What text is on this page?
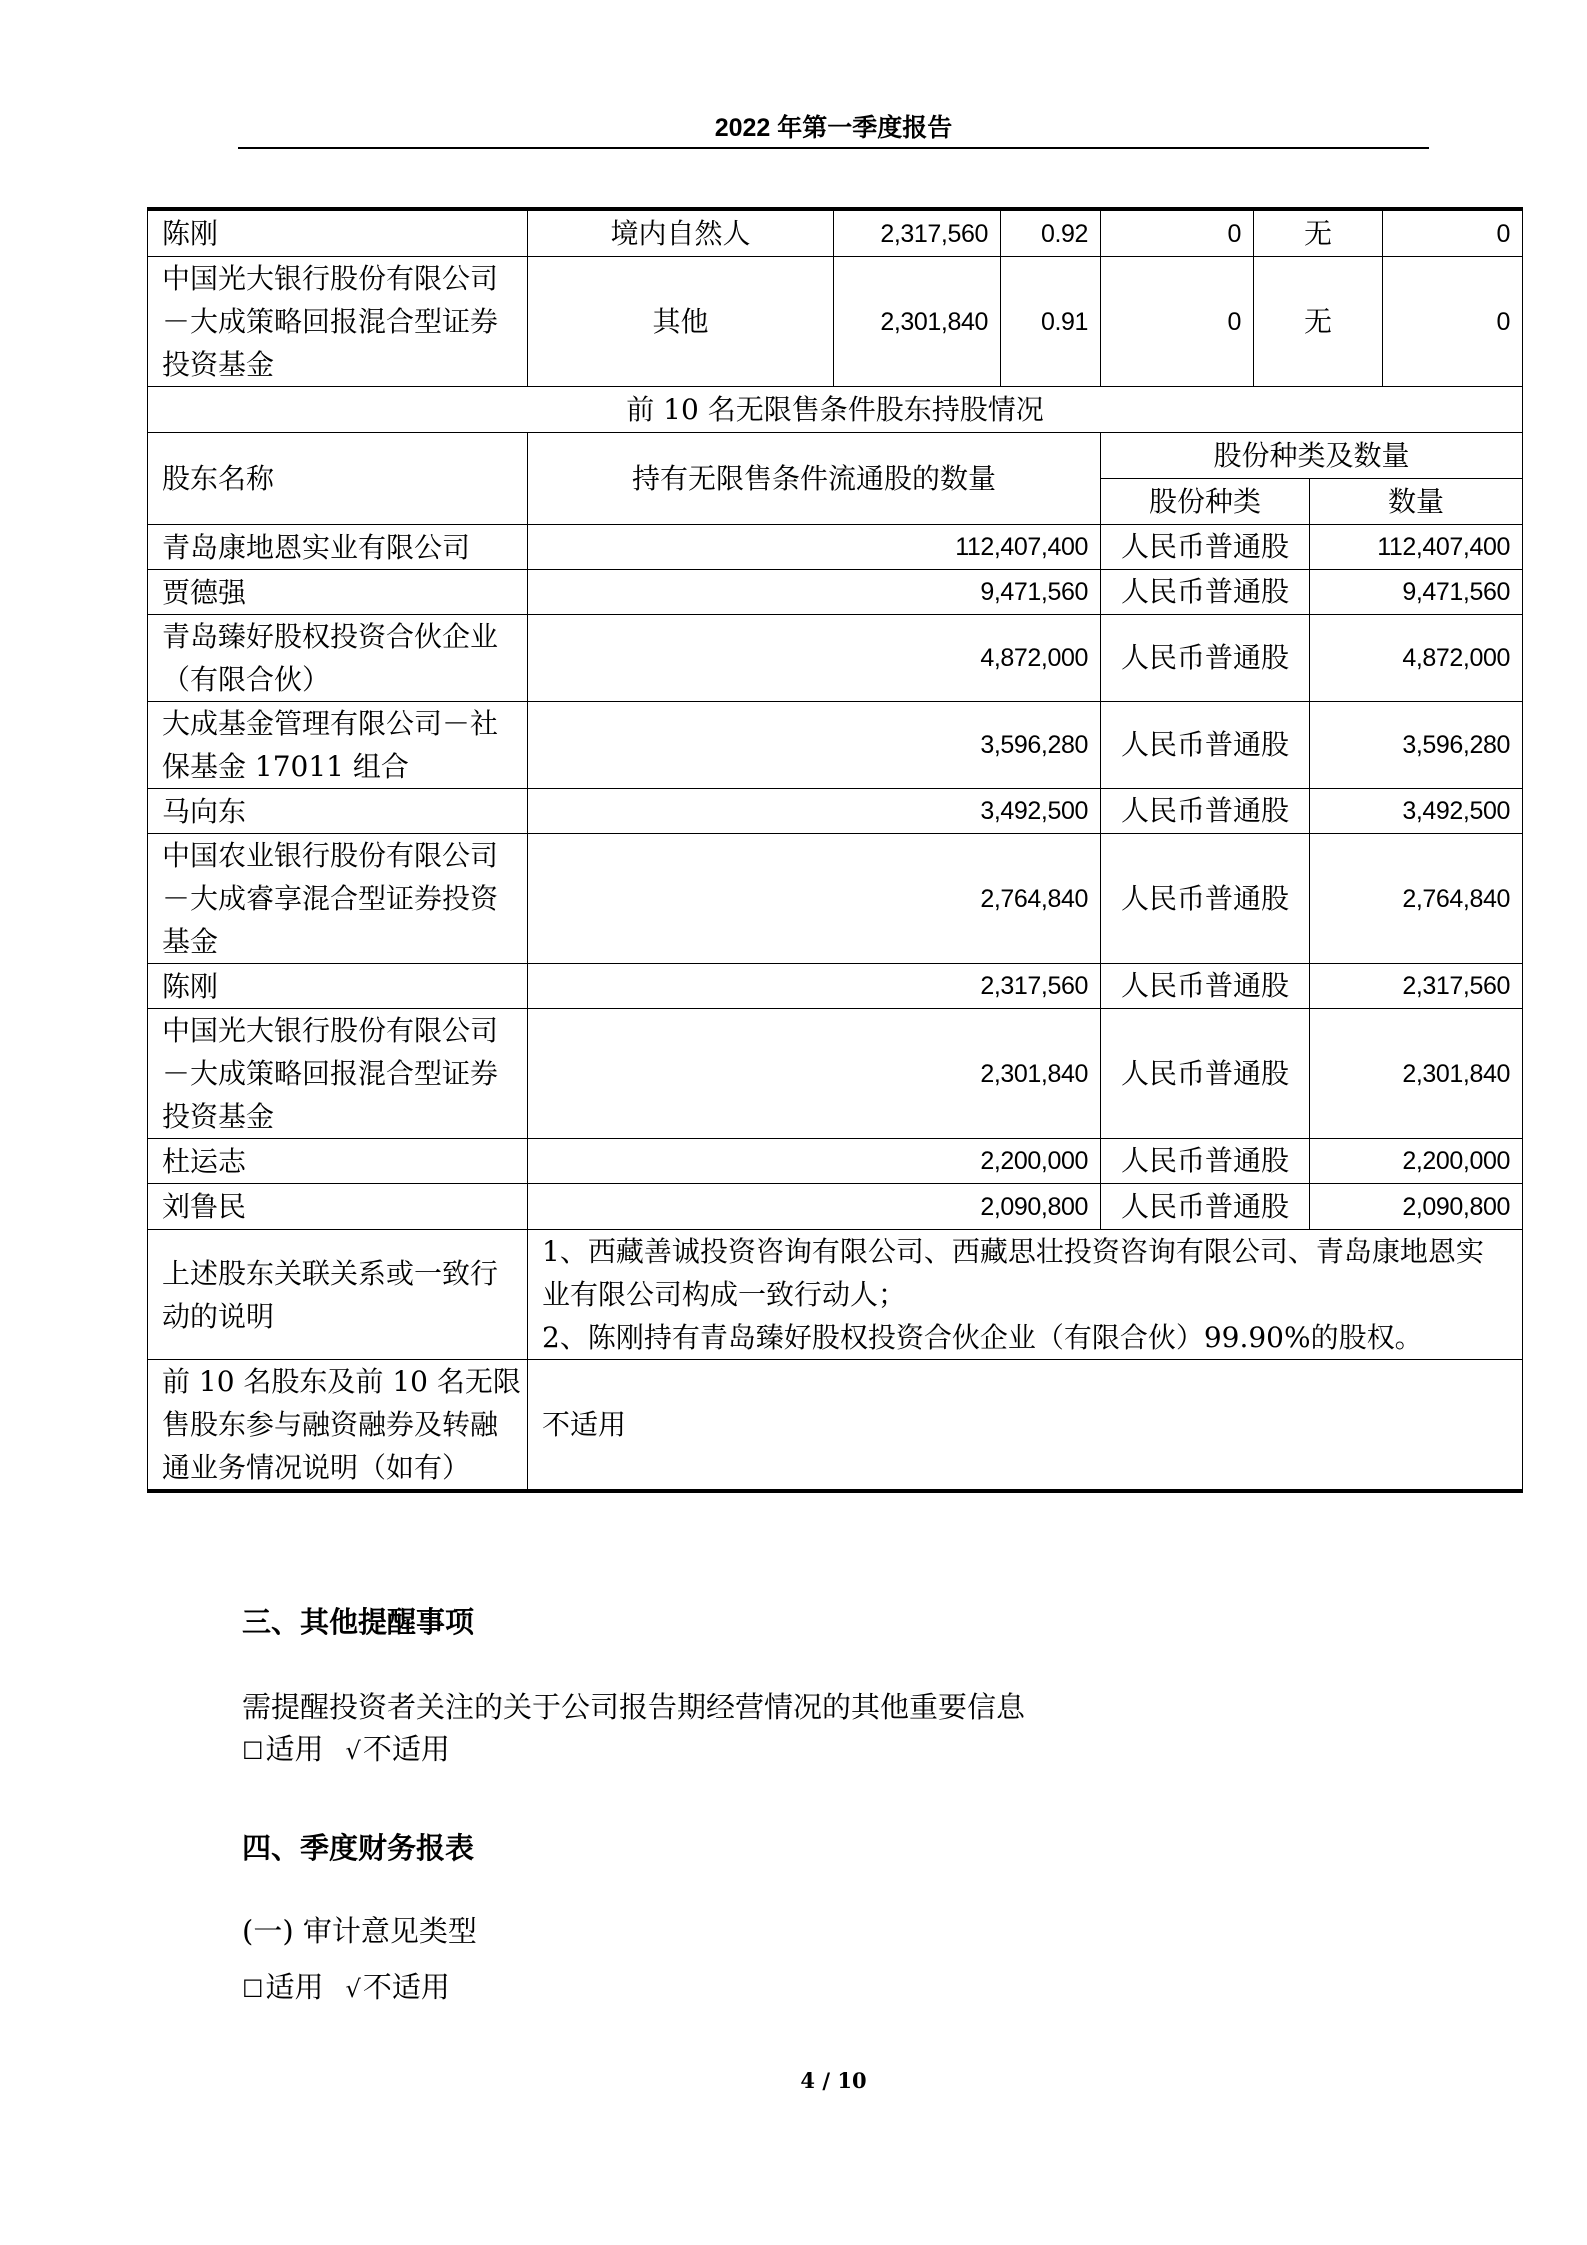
2022 年第一季度报告
陈刚	境内自然人	2,317,560	0.92	0	无	0

中国光大银行股份有限公司
－大成策略回报混合型证券
投资基金	其他	2,301,840	0.91	0	无	0
前 10 名无限售条件股东持股情况			
股东名称	持有无限售条件流通股的数量	股份种类及数量	
		股份种类	数量

青岛康地恩实业有限公司	112,407,400	人民币普通股	112,407,400

贾德强	9,471,560	人民币普通股	9,471,560

青岛臻好股权投资合伙企业
（有限合伙）	4,872,000	人民币普通股	4,872,000

大成基金管理有限公司－社
保基金 17011 组合	3,596,280	人民币普通股	3,596,280

马向东	3,492,500	人民币普通股	3,492,500

中国农业银行股份有限公司
－大成睿享混合型证券投资
基金	2,764,840	人民币普通股	2,764,840

陈刚	2,317,560	人民币普通股	2,317,560

中国光大银行股份有限公司
－大成策略回报混合型证券
投资基金	2,301,840	人民币普通股	2,301,840

杜运志	2,200,000	人民币普通股	2,200,000

刘鲁民	2,090,800	人民币普通股	2,090,800

上述股东关联关系或一致行
动的说明	1、西藏善诚投资咨询有限公司、西藏思壮投资咨询有限公司、青岛康地恩实
业有限公司构成一致行动人；
2、陈刚持有青岛臻好股权投资合伙企业（有限合伙）99.90%的股权。		

前 10 名股东及前 10 名无限
售股东参与融资融券及转融
通业务情况说明（如有）	不适用		
三、其他提醒事项
需提醒投资者关注的关于公司报告期经营情况的其他重要信息
☐适用 √不适用
四、季度财务报表
(一) 审计意见类型
☐适用 √不适用
4 / 10
